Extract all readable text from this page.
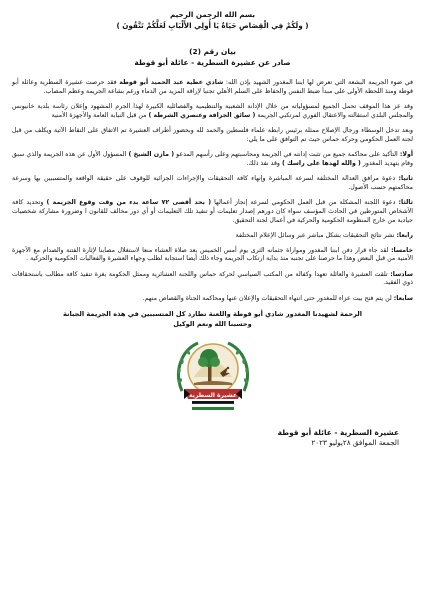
بسم الله الرحمن الرحيم
( ولَكُمْ فِي الْقِصَاصِ حَيَاةٌ يَا أُولِي الأَلْبَابِ لَعَلَّكُمْ تَتَّقُونَ )
بيان رقم (2)
صادر عن عشيرة السطرية - عائلة أبو قوطة

في ضوء الجريمة البشعة التي تعرض لها ابننا المغدور الشهيد بإذن الله: شادي عطية عبد الحميد أبو قوطة فقد حرصت عشيرة السطرية وعائلة أبو قوطة ومنذ اللحظة الأولى على مبدأ ضبط النفس والحفاظ على السلم الأهلي تجنبا لإراقة المزيد من الدماء ورغم بشاعة الجريمة وعظم المصاب.

وقد عز هذا الموقف تحمل الجميع لمسؤولياته من خلال الإدانة الشعبية والتنظيمية والفصائلية الكبيرة لهذا الجرم المشهود وإعلان رئاسة بلدية خانيونس والمجلس البلدي استقالته والاعتقال الفوري لمرتكبي الجريمة ( سائق الجرافة وعنصري الشرطة ) من قبل النيابة العامة والأجهزة الأمنية

وبعد تدخل الوسطاء ورجال الإصلاح ممثلة برئيس رابطة علماء فلسطين والحمد لله وبحضور أطراف العشيرة تم الاتفاق على النقاط الآتية ويكلف من قبل لجنة العمل الحكومي وحركة حماس حيث تم التوافق على ما يلي:

أولا: التأكيد على محاكمة جميع من تثبت إدانته في الجريمة ومحاسبتهم وعلى رأسهم المدعو ( مازن الشيخ ) المسؤول الأول عن هذه الجريمة والذي سبق وقام بتهديد المغدور ( والله لهدها على راسك ) وقد نفذ ذلك.

ثانيا: دعوة مرافق العدالة المختلفة لسرعة المباشرة وإنهاء كافة التحقيقات والإجراءات الجزائية للوقوف على حقيقة الواقعة والمتسببين بها وسرعة محاكمتهم حسب الأصول.

ثالثا: دعوة اللجنة المشكلة من قبل العمل الحكومي لسرعة إنجاز أعمالها ( بحد أقصى ٧٢ ساعة بدء من وقت وقوع الجريمة ) وتحديد كافة الأشخاص المتورطين في الحادث المؤسف سواء كان دورهم إصدار تعليمات أو تنفيذ تلك التعليمات أو أي دور مخالف للقانون ا وضرورة مشاركة شخصيات حيادية من خارج المنظومة الحكومية والحركية في أعمال لجنة التحقيق.

رابعا: نشر نتائج التحقيقات بشكل مباشر عبر وسائل الإعلام المختلفة

خامسا: لقد جاء قرار دفن ابننا المغدور ومواراة جثمانه الثرى يوم أمس الخميس بعد صلاة العشاء منعا لاستغلال مصابنا لإثارة الفتنة والصدام مع الأجهزة الأمنية من قبل البعض وهذا ما حرصنا على تجنبه منذ بداية ارتكاب الجريمة وجاء ذلك أيضا استجابة لطلب وجهاء العشيرة والفعاليات الحكومية والحركية .

سادسا: تلقت العشيرة والعائلة تعهدا وكفالة من المكتب السياسي لحركة حماس واللجنة العشائرية وممثل الحكومة بغزة تنفيذ كافة مطالب باستحقاقات ذوي الفقيد.

سابعا: لن يتم فتح بيت عزاء للمغدور حتى انتهاء التحقيقات والإعلان عنها ومحاكمة الجناة والقصاص منهم.

الرحمة لشهيدنا المغدور شادي أبو قوطة واللعنة تطارد كل المتسببين في هذه الجريمة الجبانة
وحسبنا الله ونعم الوكيل
عشيرة السطرية
عشيرة السطرية - عائلة أبو قوطة
الجمعة الموافق ٢٨يوليو ٢٠٢٣
